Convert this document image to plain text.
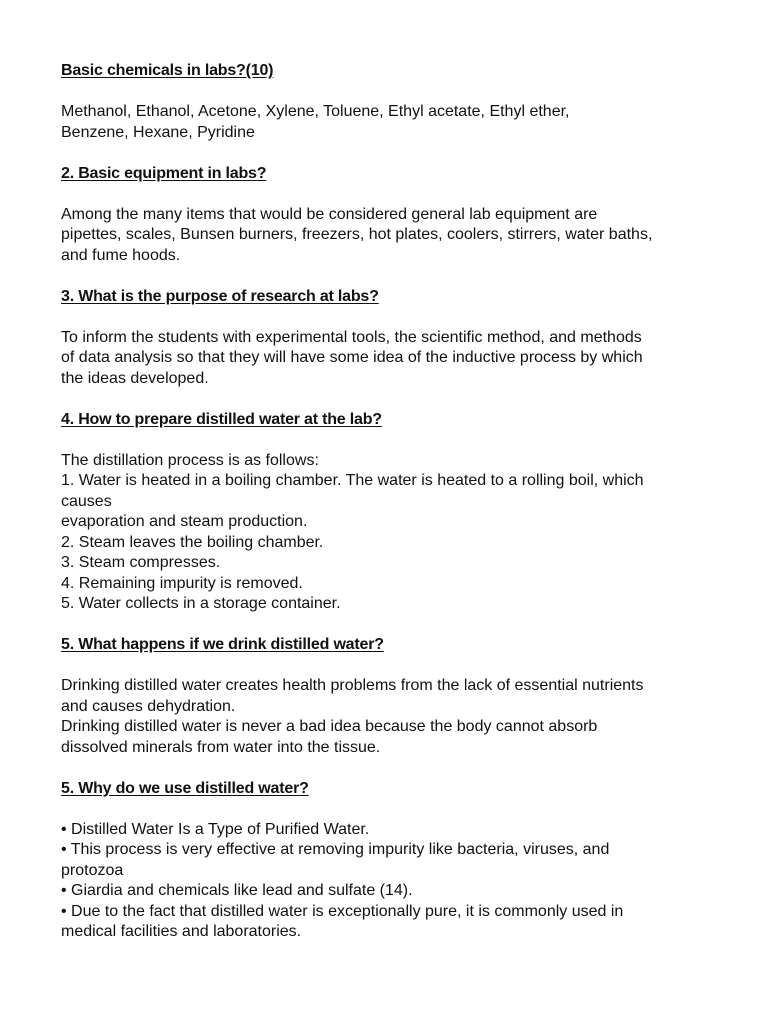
Basic chemicals in labs?(10)

Methanol, Ethanol, Acetone, Xylene, Toluene, Ethyl acetate, Ethyl ether,
Benzene, Hexane, Pyridine

2. Basic equipment in labs?

Among the many items that would be considered general lab equipment are
pipettes, scales, Bunsen burners, freezers, hot plates, coolers, stirrers, water baths,
and fume hoods.

3. What is the purpose of research at labs?

To inform the students with experimental tools, the scientific method, and methods
of data analysis so that they will have some idea of the inductive process by which
the ideas developed.

4. How to prepare distilled water at the lab?

The distillation process is as follows:
1. Water is heated in a boiling chamber. The water is heated to a rolling boil, which
causes
evaporation and steam production.
2. Steam leaves the boiling chamber.
3. Steam compresses.
4. Remaining impurity is removed.
5. Water collects in a storage container.

5. What happens if we drink distilled water?

Drinking distilled water creates health problems from the lack of essential nutrients
and causes dehydration.
Drinking distilled water is never a bad idea because the body cannot absorb
dissolved minerals from water into the tissue.

5. Why do we use distilled water?

• Distilled Water Is a Type of Purified Water.
• This process is very effective at removing impurity like bacteria, viruses, and
protozoa
• Giardia and chemicals like lead and sulfate (14).
• Due to the fact that distilled water is exceptionally pure, it is commonly used in
medical facilities and laboratories.
